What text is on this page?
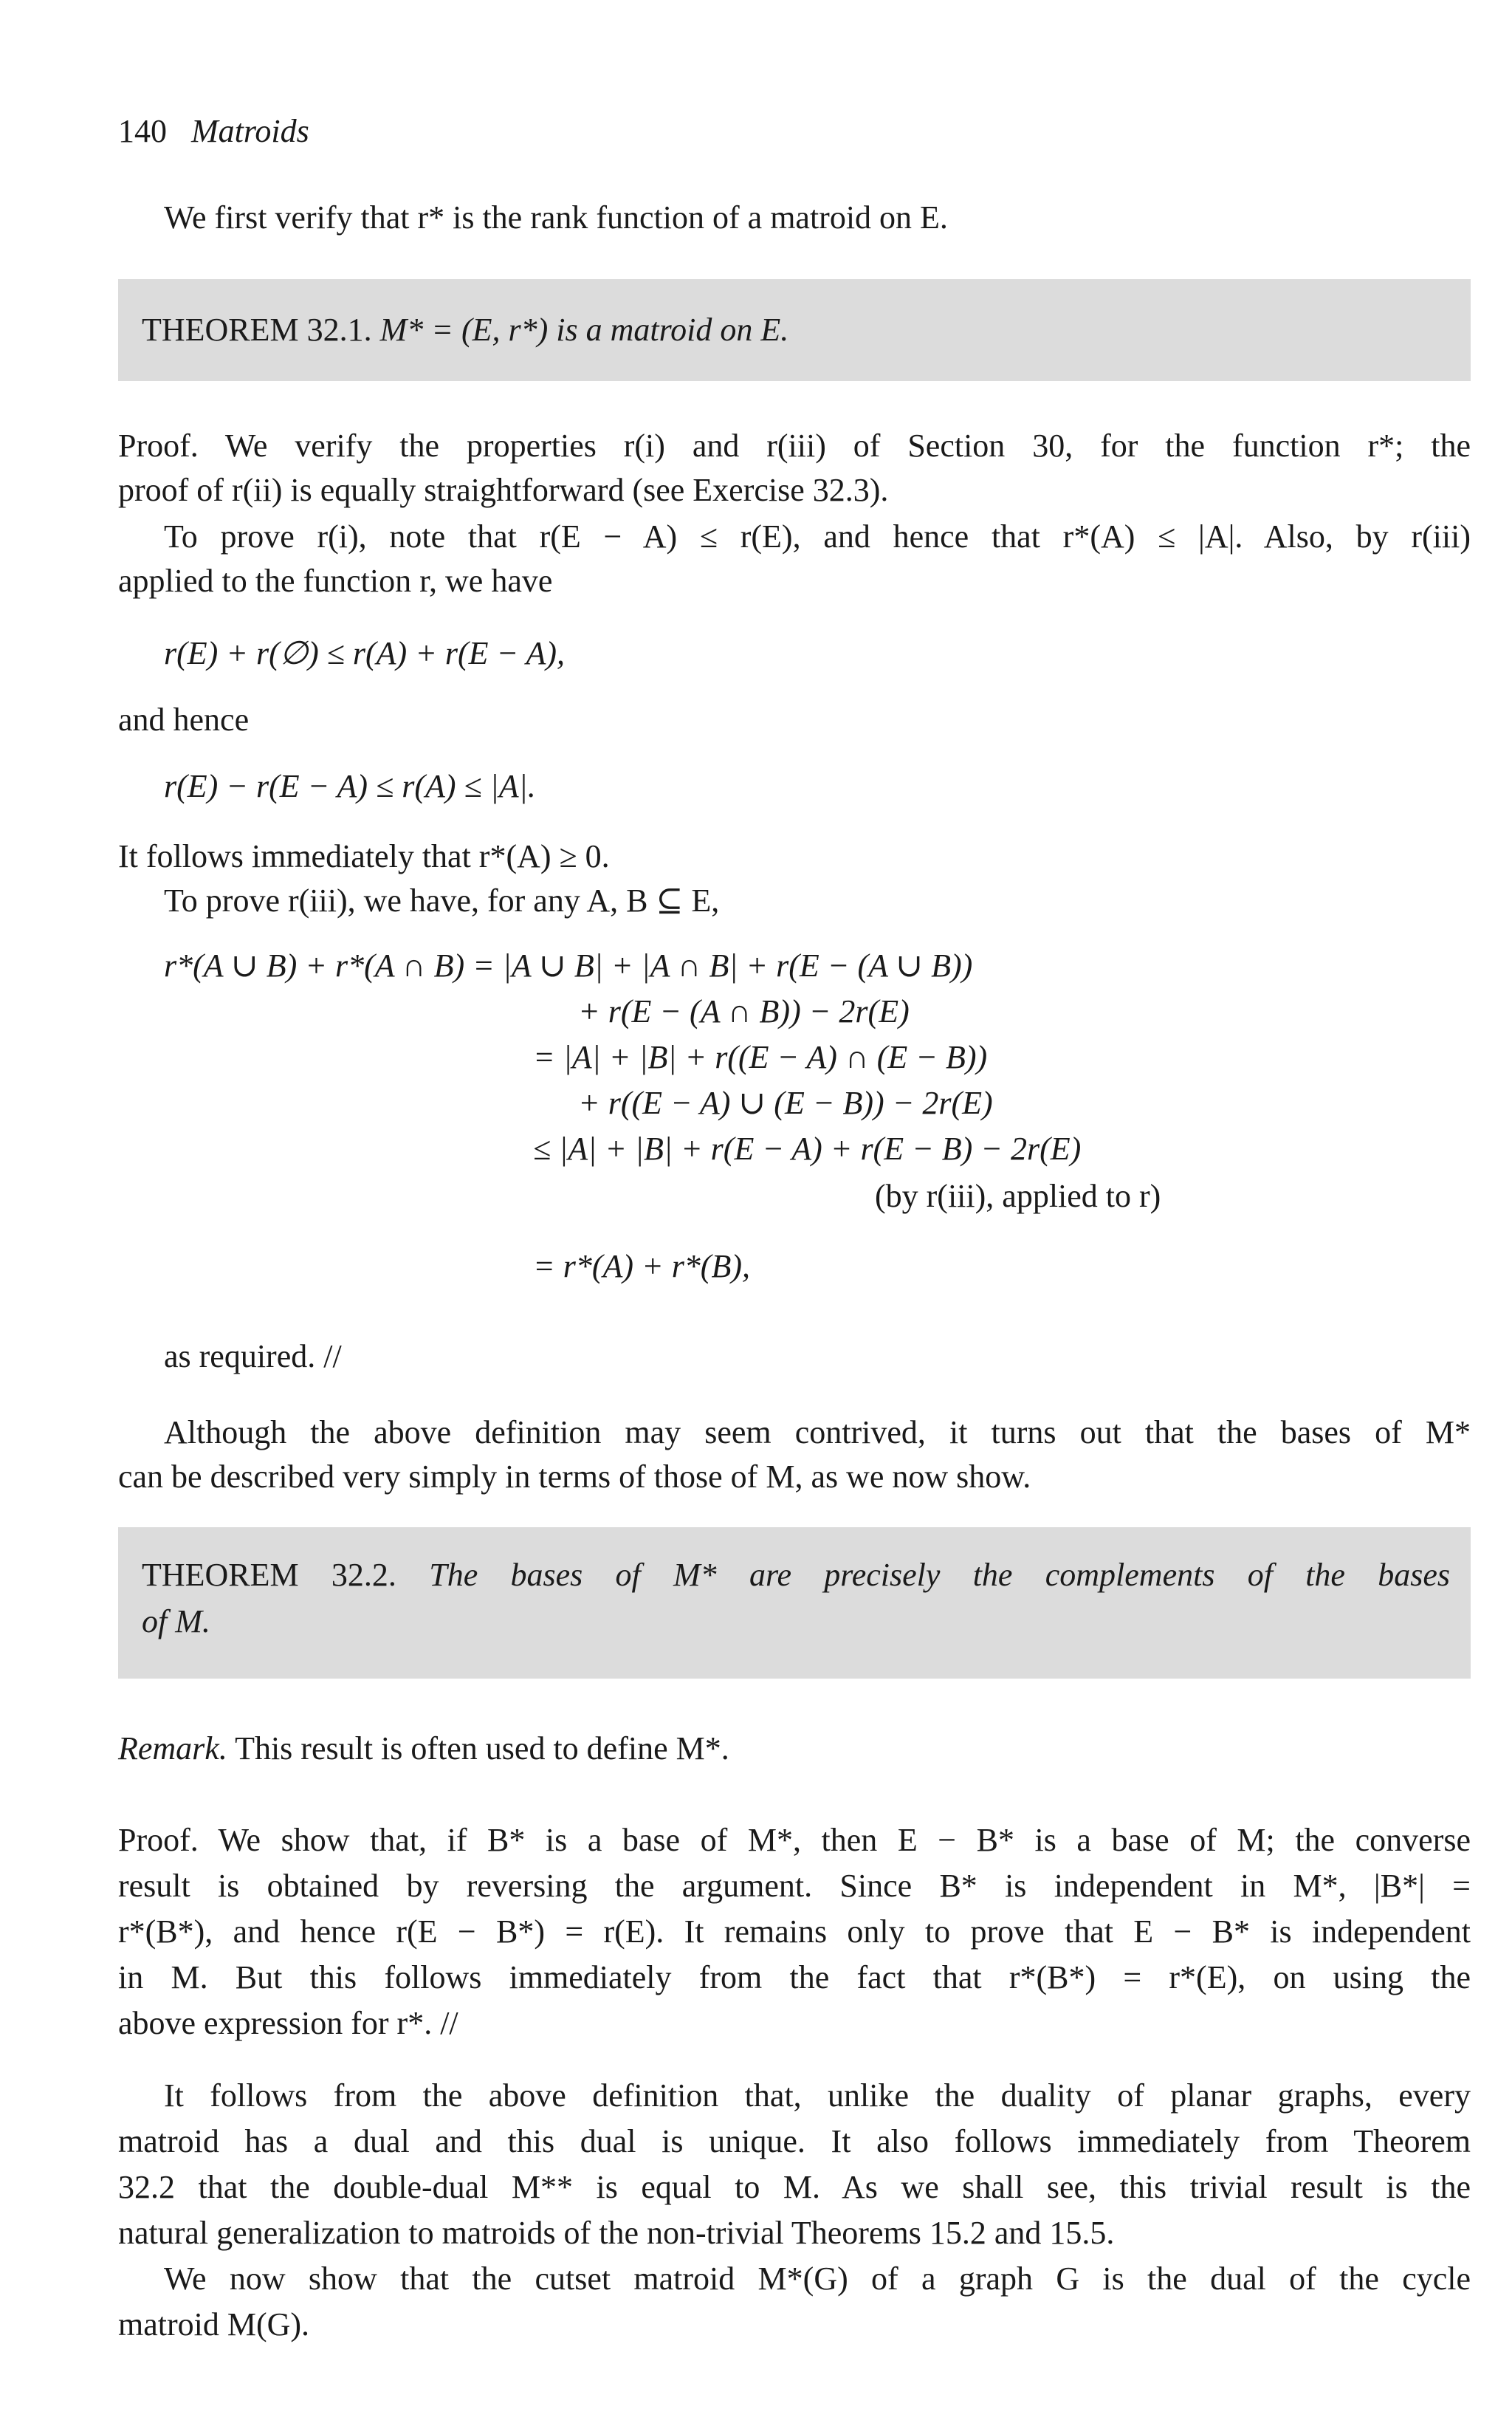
140 Matroids
We first verify that r* is the rank function of a matroid on E.
THEOREM 32.1. M* = (E, r*) is a matroid on E.
Proof. We verify the properties r(i) and r(iii) of Section 30, for the function r*; the
proof of r(ii) is equally straightforward (see Exercise 32.3).
To prove r(i), note that r(E − A) ≤ r(E), and hence that r*(A) ≤ |A|. Also, by r(iii)
applied to the function r, we have
r(E) + r(∅) ≤ r(A) + r(E − A),
and hence
r(E) − r(E − A) ≤ r(A) ≤ |A|.
It follows immediately that r*(A) ≥ 0.
To prove r(iii), we have, for any A, B ⊆ E,
r*(A ∪ B) + r*(A ∩ B) = |A ∪ B| + |A ∩ B| + r(E − (A ∪ B))
+ r(E − (A ∩ B)) − 2r(E)
= |A| + |B| + r((E − A) ∩ (E − B))
+ r((E − A) ∪ (E − B)) − 2r(E)
≤ |A| + |B| + r(E − A) + r(E − B) − 2r(E)
(by r(iii), applied to r)
= r*(A) + r*(B),
as required. //
Although the above definition may seem contrived, it turns out that the bases of M*
can be described very simply in terms of those of M, as we now show.
THEOREM 32.2. The bases of M* are precisely the complements of the bases
of M.
Remark. This result is often used to define M*.
Proof. We show that, if B* is a base of M*, then E − B* is a base of M; the converse
result is obtained by reversing the argument. Since B* is independent in M*, |B*| =
r*(B*), and hence r(E − B*) = r(E). It remains only to prove that E − B* is independent
in M. But this follows immediately from the fact that r*(B*) = r*(E), on using the
above expression for r*. //
It follows from the above definition that, unlike the duality of planar graphs, every
matroid has a dual and this dual is unique. It also follows immediately from Theorem
32.2 that the double-dual M** is equal to M. As we shall see, this trivial result is the
natural generalization to matroids of the non-trivial Theorems 15.2 and 15.5.
We now show that the cutset matroid M*(G) of a graph G is the dual of the cycle
matroid M(G).
